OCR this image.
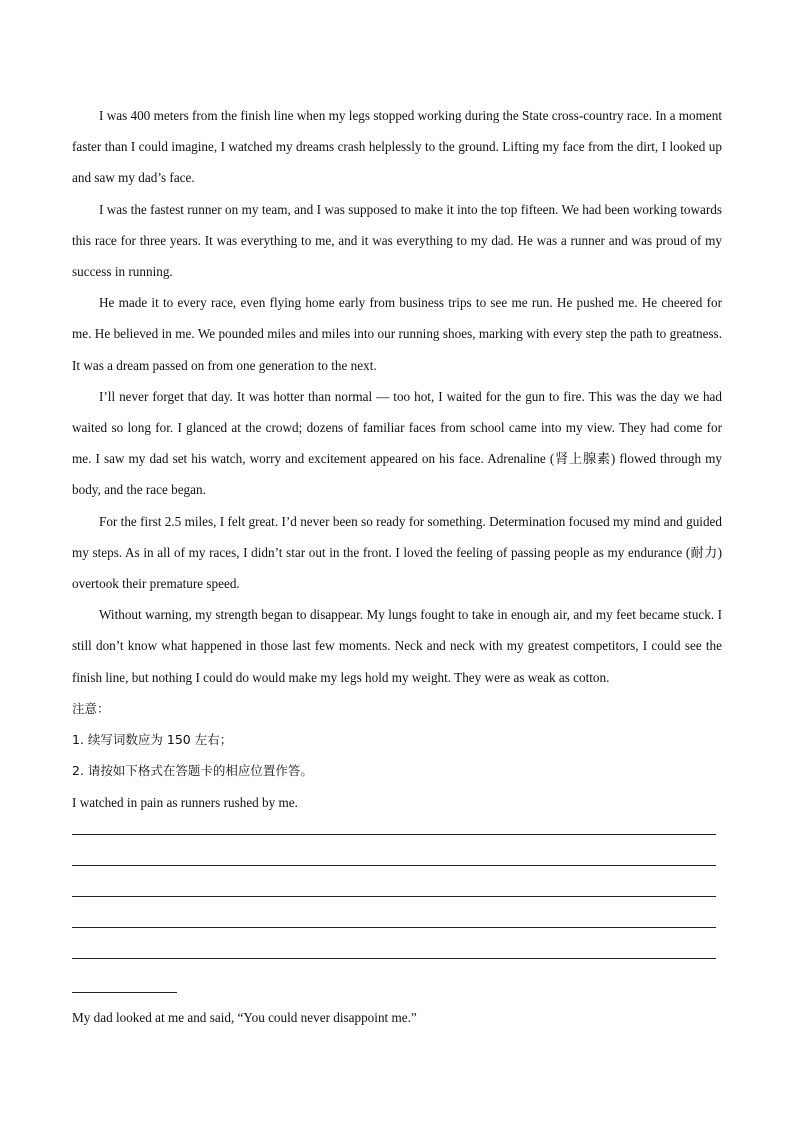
I was 400 meters from the finish line when my legs stopped working during the State cross-country race. In a moment faster than I could imagine, I watched my dreams crash helplessly to the ground. Lifting my face from the dirt, I looked up and saw my dad’s face.

I was the fastest runner on my team, and I was supposed to make it into the top fifteen. We had been working towards this race for three years. It was everything to me, and it was everything to my dad. He was a runner and was proud of my success in running.

He made it to every race, even flying home early from business trips to see me run. He pushed me. He cheered for me. He believed in me. We pounded miles and miles into our running shoes, marking with every step the path to greatness. It was a dream passed on from one generation to the next.

I’ll never forget that day. It was hotter than normal — too hot, I waited for the gun to fire. This was the day we had waited so long for. I glanced at the crowd; dozens of familiar faces from school came into my view. They had come for me. I saw my dad set his watch, worry and excitement appeared on his face. Adrenaline (肾上腺素) flowed through my body, and the race began.

For the first 2.5 miles, I felt great. I’d never been so ready for something. Determination focused my mind and guided my steps. As in all of my races, I didn’t star out in the front. I loved the feeling of passing people as my endurance (耐力) overtook their premature speed.

Without warning, my strength began to disappear. My lungs fought to take in enough air, and my feet became stuck. I still don’t know what happened in those last few moments. Neck and neck with my greatest competitors, I could see the finish line, but nothing I could do would make my legs hold my weight. They were as weak as cotton.

注意：
1. 续写词数应为 150 左右；
2. 请按如下格式在答题卡的相应位置作答。
I watched in pain as runners rushed by me.
My dad looked at me and said, “You could never disappoint me.”
